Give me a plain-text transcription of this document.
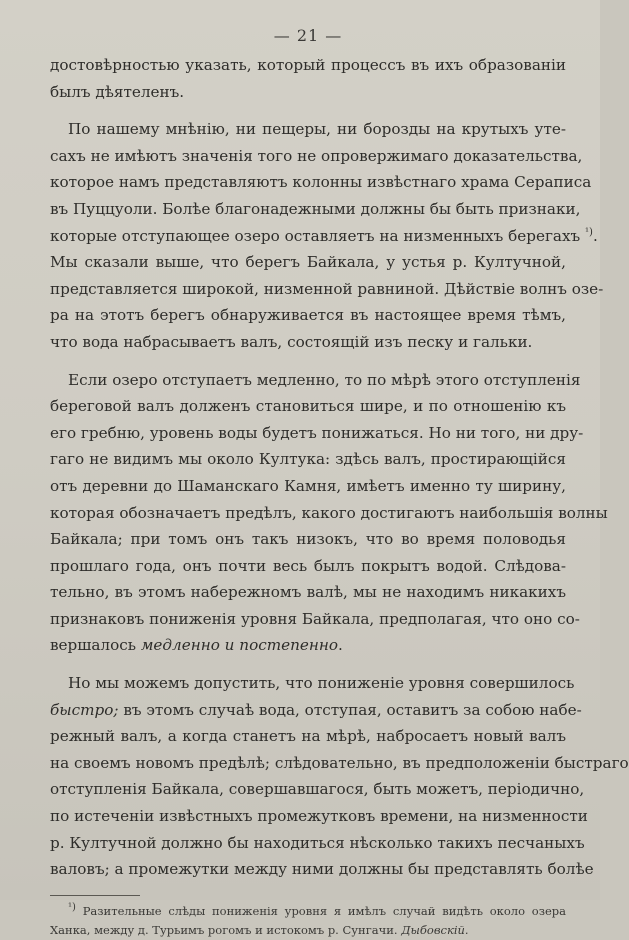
— 21 —
достовѣрностью указать, который процессъ въ ихъ образованіи
былъ дѣятеленъ.
По нашему мнѣнію, ни пещеры, ни борозды на крутыхъ уте-
сахъ не имѣютъ значенія того не опровержимаго доказательства,
которое намъ представляютъ колонны извѣстнаго храма Сераписа
въ Пуццуоли. Болѣе благонадежными должны бы быть признаки,
которые отступающее озеро оставляетъ на низменныхъ берегахъ $^{^1)}$.
Мы сказали выше, что берегъ Байкала, у устья р. Култучной,
представляется широкой, низменной равниной. Дѣйствіе волнъ озе-
ра на этотъ берегъ обнаруживается въ настоящее время тѣмъ,
что вода набрасываетъ валъ, состоящій изъ песку и гальки.
Если озеро отступаетъ медленно, то по мѣрѣ этого отступленія
береговой валъ долженъ становиться шире, и по отношенію къ
его гребню, уровень воды будетъ понижаться. Но ни того, ни дру-
гаго не видимъ мы около Култука: здѣсь валъ, простирающійся
отъ деревни до Шаманскаго Камня, имѣетъ именно ту ширину,
которая обозначаетъ предѣлъ, какого достигаютъ наибольшія волны
Байкала; при томъ онъ такъ низокъ, что во время половодья
прошлаго года, онъ почти весь былъ покрытъ водой. Слѣдова-
тельно, въ этомъ набережномъ валѣ, мы не находимъ никакихъ
признаковъ пониженія уровня Байкала, предполагая, что оно со-
вершалось медленно и постепенно.
Но мы можемъ допустить, что пониженіе уровня совершилось
быстро; въ этомъ случаѣ вода, отступая, оставитъ за собою набе-
режный валъ, а когда станетъ на мѣрѣ, набросаетъ новый валъ
на своемъ новомъ предѣлѣ; слѣдовательно, въ предположеніи быстраго
отступленія Байкала, совершавшагося, быть можетъ, періодично,
по истеченіи извѣстныхъ промежутковъ времени, на низменности
р. Култучной должно бы находиться нѣсколько такихъ песчаныхъ
валовъ; а промежутки между ними должны бы представлять болѣе
$^{^1)}$ Разительные слѣды пониженія уровня я имѣлъ случай видѣть около озера
Ханка, между д. Турьимъ рогомъ и истокомъ р. Сунгачи. Дыбовскій.
